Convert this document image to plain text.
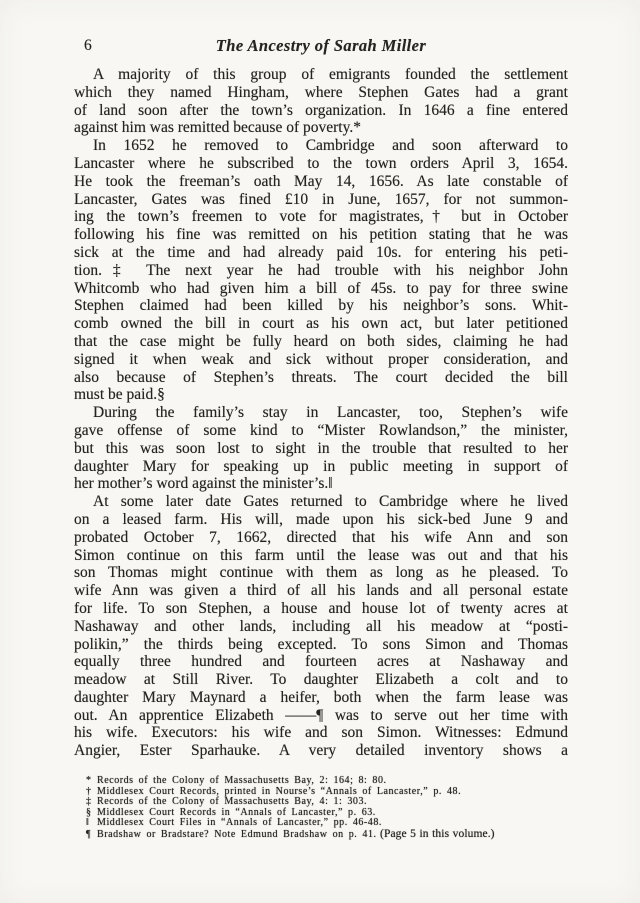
6	The Ancestry of Sarah Miller
A majority of this group of emigrants founded the settlement
which they named Hingham, where Stephen Gates had a grant
of land soon after the town’s organization. In 1646 a fine entered
against him was remitted because of poverty.*
In 1652 he removed to Cambridge and soon afterward to
Lancaster where he subscribed to the town orders April 3, 1654.
He took the freeman’s oath May 14, 1656. As late constable of
Lancaster, Gates was fined £10 in June, 1657, for not summon-
ing the town’s freemen to vote for magistrates,† but in October
following his fine was remitted on his petition stating that he was
sick at the time and had already paid 10s. for entering his peti-
tion.‡ The next year he had trouble with his neighbor John
Whitcomb who had given him a bill of 45s. to pay for three swine
Stephen claimed had been killed by his neighbor’s sons. Whit-
comb owned the bill in court as his own act, but later petitioned
that the case might be fully heard on both sides, claiming he had
signed it when weak and sick without proper consideration, and
also because of Stephen’s threats. The court decided the bill
must be paid.§
During the family’s stay in Lancaster, too, Stephen’s wife
gave offense of some kind to “Mister Rowlandson,” the minister,
but this was soon lost to sight in the trouble that resulted to her
daughter Mary for speaking up in public meeting in support of
her mother’s word against the minister’s.‖
At some later date Gates returned to Cambridge where he lived
on a leased farm. His will, made upon his sick-bed June 9 and
probated October 7, 1662, directed that his wife Ann and son
Simon continue on this farm until the lease was out and that his
son Thomas might continue with them as long as he pleased. To
wife Ann was given a third of all his lands and all personal estate
for life. To son Stephen, a house and house lot of twenty acres at
Nashaway and other lands, including all his meadow at “posti-
polikin,” the thirds being excepted. To sons Simon and Thomas
equally three hundred and fourteen acres at Nashaway and
meadow at Still River. To daughter Elizabeth a colt and to
daughter Mary Maynard a heifer, both when the farm lease was
out. An apprentice Elizabeth ——¶ was to serve out her time with
his wife. Executors: his wife and son Simon. Witnesses: Edmund
Angier, Ester Sparhauke. A very detailed inventory shows a
* Records of the Colony of Massachusetts Bay, 2: 164; 8: 80.
† Middlesex Court Records, printed in Nourse’s “Annals of Lancaster,” p. 48.
‡ Records of the Colony of Massachusetts Bay, 4: 1: 303.
§ Middlesex Court Records in “Annals of Lancaster,” p. 63.
‖ Middlesex Court Files in “Annals of Lancaster,” pp. 46-48.
¶ Bradshaw or Bradstare? Note Edmund Bradshaw on p. 41. (Page 5 in this volume.)
